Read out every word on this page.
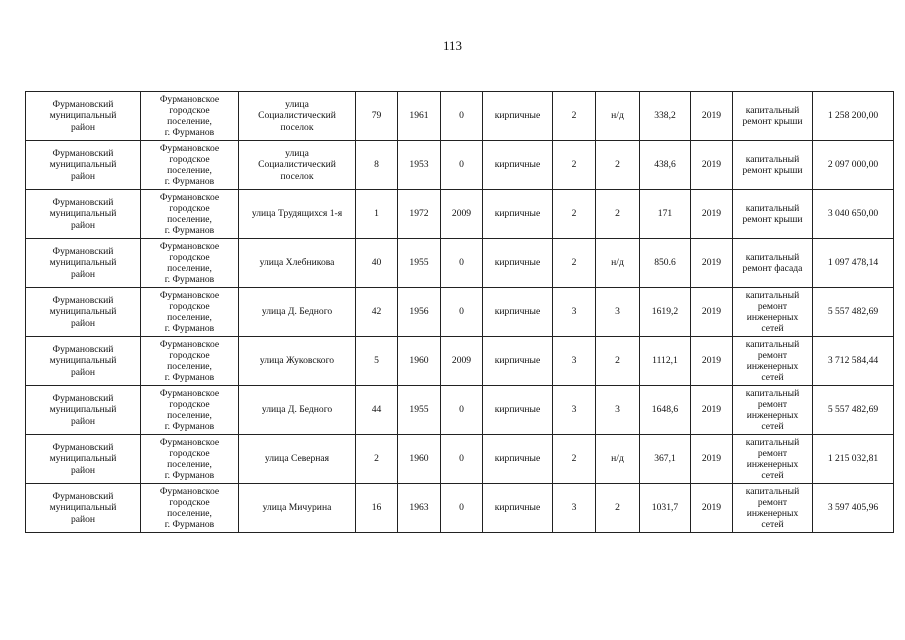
113
Фурмановский
муниципальный
район	Фурмановское
городское
поселение,
г. Фурманов	улица
Социалистический
поселок	79	1961	0	кирпичные	2	н/д	338,2	2019	капитальный
ремонт крыши	1 258 200,00
Фурмановский
муниципальный
район	Фурмановское
городское
поселение,
г. Фурманов	улица
Социалистический
поселок	8	1953	0	кирпичные	2	2	438,6	2019	капитальный
ремонт крыши	2 097 000,00
Фурмановский
муниципальный
район	Фурмановское
городское
поселение,
г. Фурманов	улица Трудящихся 1-я	1	1972	2009	кирпичные	2	2	171	2019	капитальный
ремонт крыши	3 040 650,00
Фурмановский
муниципальный
район	Фурмановское
городское
поселение,
г. Фурманов	улица Хлебникова	40	1955	0	кирпичные	2	н/д	850.6	2019	капитальный
ремонт фасада	1 097 478,14
Фурмановский
муниципальный
район	Фурмановское
городское
поселение,
г. Фурманов	улица Д. Бедного	42	1956	0	кирпичные	3	3	1619,2	2019	капитальный
ремонт
инженерных
сетей	5 557 482,69
Фурмановский
муниципальный
район	Фурмановское
городское
поселение,
г. Фурманов	улица Жуковского	5	1960	2009	кирпичные	3	2	1112,1	2019	капитальный
ремонт
инженерных
сетей	3 712 584,44
Фурмановский
муниципальный
район	Фурмановское
городское
поселение,
г. Фурманов	улица Д. Бедного	44	1955	0	кирпичные	3	3	1648,6	2019	капитальный
ремонт
инженерных
сетей	5 557 482,69
Фурмановский
муниципальный
район	Фурмановское
городское
поселение,
г. Фурманов	улица Северная	2	1960	0	кирпичные	2	н/д	367,1	2019	капитальный
ремонт
инженерных
сетей	1 215 032,81
Фурмановский
муниципальный
район	Фурмановское
городское
поселение,
г. Фурманов	улица Мичурина	16	1963	0	кирпичные	3	2	1031,7	2019	капитальный
ремонт
инженерных
сетей	3 597 405,96
